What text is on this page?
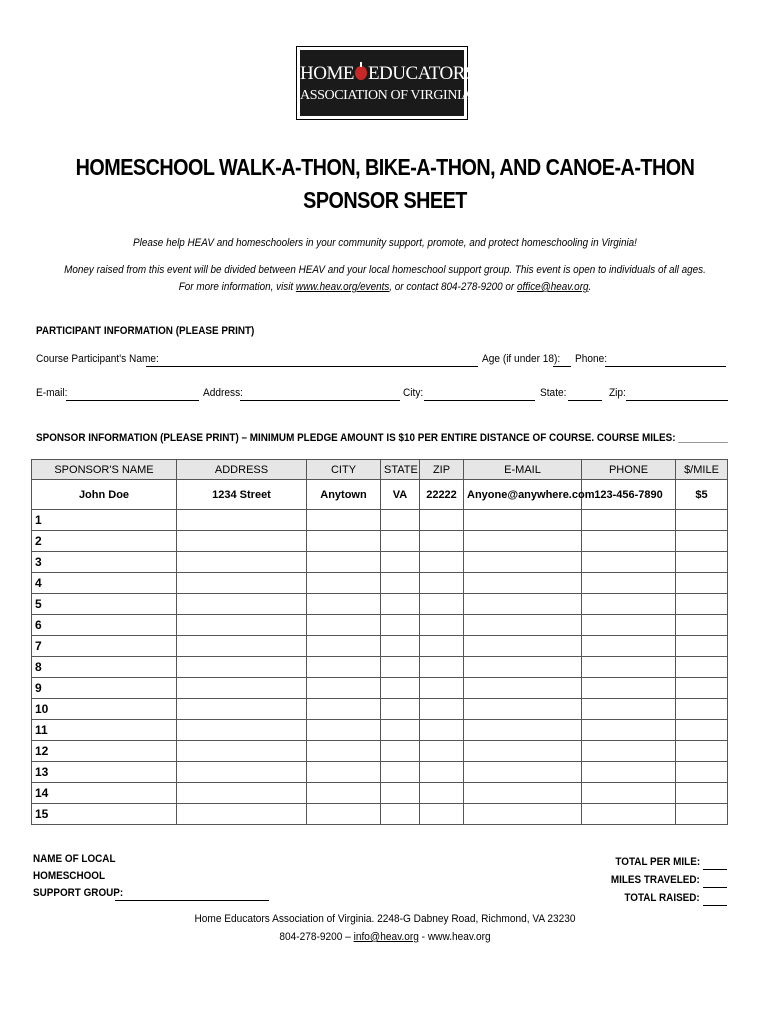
HOME EDUCATORS
ASSOCIATION OF VIRGINIA
HOMESCHOOL WALK-A-THON, BIKE-A-THON, AND CANOE-A-THON
SPONSOR SHEET
Please help HEAV and homeschoolers in your community support, promote, and protect homeschooling in Virginia!
Money raised from this event will be divided between HEAV and your local homeschool support group. This event is open to individuals of all ages.
For more information, visit www.heav.org/events, or contact 804-278-9200 or office@heav.org.
PARTICIPANT INFORMATION (PLEASE PRINT)
Course Participant's Name:	Age (if under 18): Phone:
E-mail:	Address:	City:	State:	Zip:
SPONSOR INFORMATION (PLEASE PRINT) – MINIMUM PLEDGE AMOUNT IS $10 PER ENTIRE DISTANCE OF COURSE. COURSE MILES: _________
SPONSOR'S NAME	ADDRESS	CITY	STATE	ZIP	E-MAIL	PHONE	$/MILE
John Doe	1234 Street	Anytown	VA	22222	Anyone@anywhere.com	123-456-7890	$5
1							
2							
3							
4							
5							
6							
7							
8							
9							
10							
11							
12							
13							
14							
15							
NAME OF LOCAL
HOMESCHOOL
SUPPORT GROUP:
TOTAL PER MILE:
MILES TRAVELED:
TOTAL RAISED:
Home Educators Association of Virginia. 2248-G Dabney Road, Richmond, VA 23230
804-278-9200 – info@heav.org - www.heav.org
